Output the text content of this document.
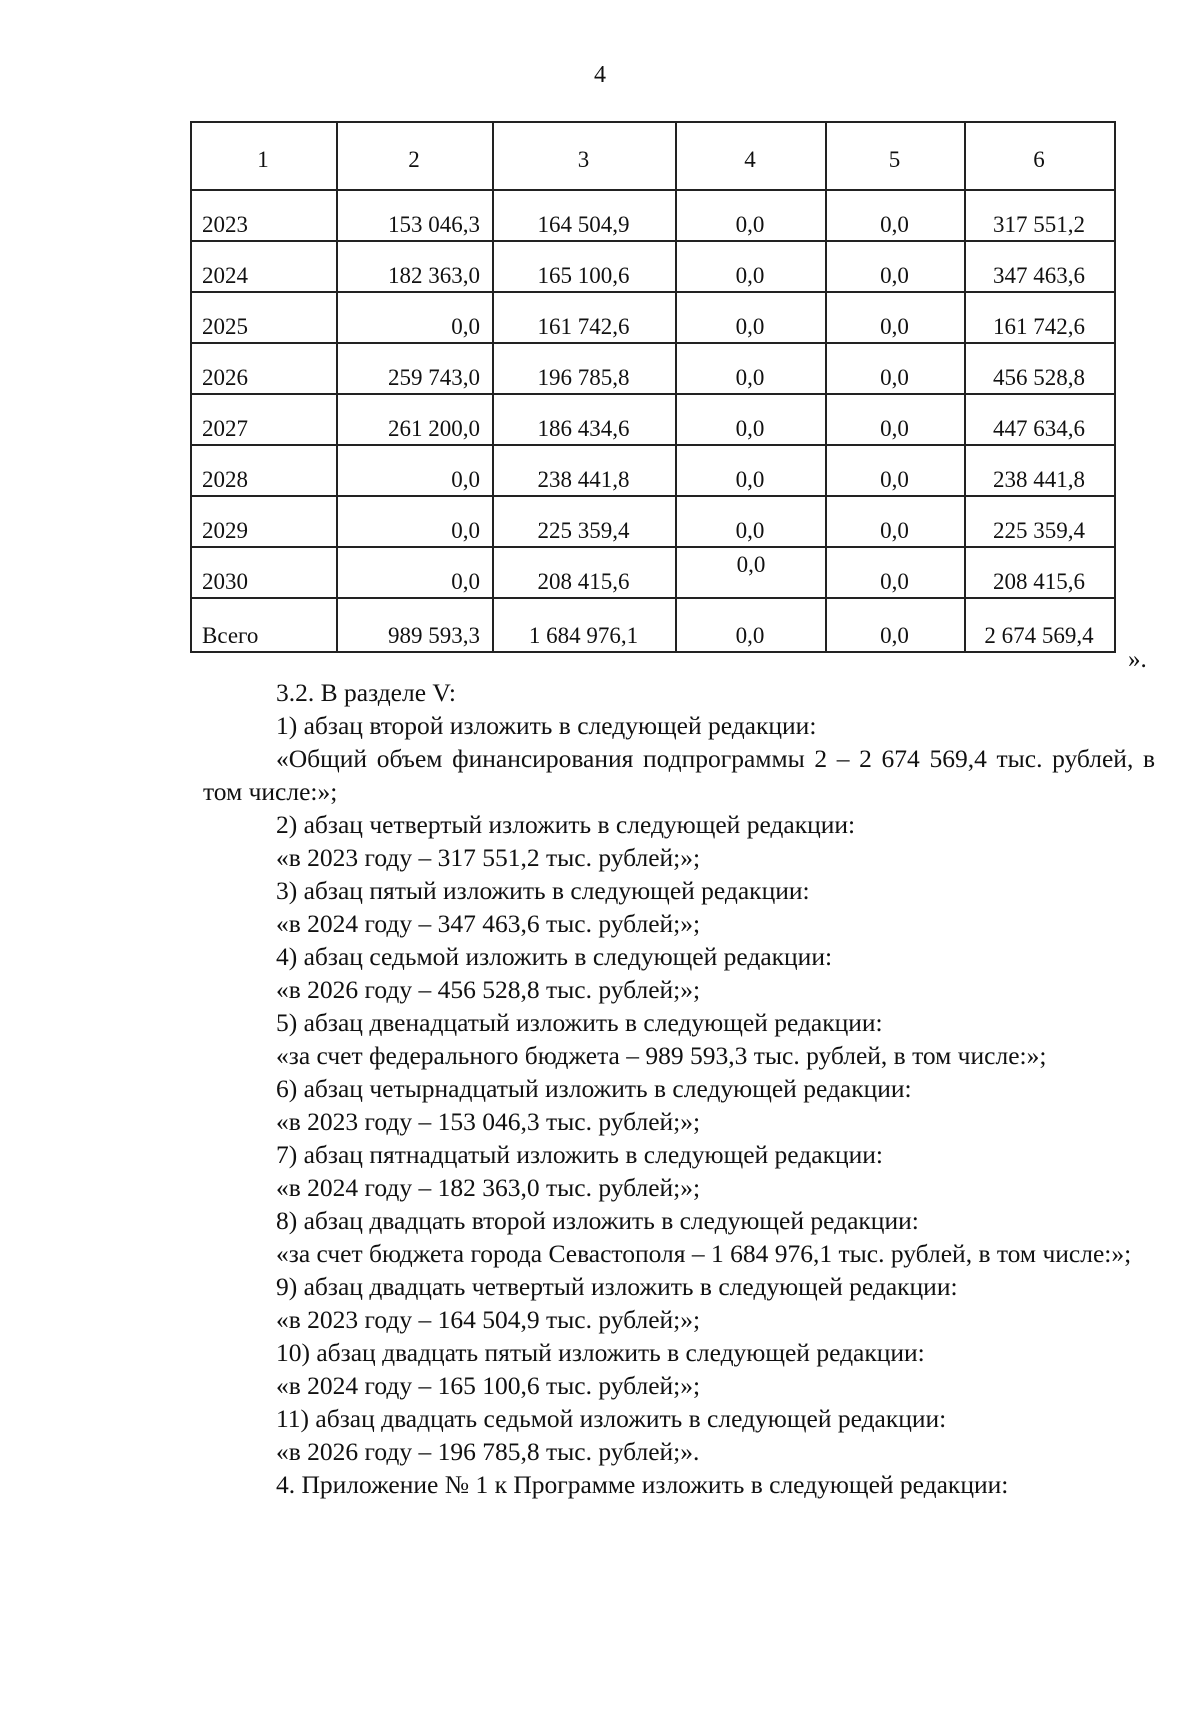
4
1	2	3	4	5	6
2023	153 046,3	164 504,9	0,0	0,0	317 551,2
2024	182 363,0	165 100,6	0,0	0,0	347 463,6
2025	0,0	161 742,6	0,0	0,0	161 742,6
2026	259 743,0	196 785,8	0,0	0,0	456 528,8
2027	261 200,0	186 434,6	0,0	0,0	447 634,6
2028	0,0	238 441,8	0,0	0,0	238 441,8
2029	0,0	225 359,4	0,0	0,0	225 359,4
2030	0,0	208 415,6	0,0	0,0	208 415,6
Всего	989 593,3	1 684 976,1	0,0	0,0	2 674 569,4
».

3.2. В разделе V:

1) абзац второй изложить в следующей редакции:

«Общий объем финансирования подпрограммы 2 – 2 674 569,4 тыс. рублей, в том числе:»;

2) абзац четвертый изложить в следующей редакции:

«в 2023 году – 317 551,2 тыс. рублей;»;

3) абзац пятый изложить в следующей редакции:

«в 2024 году – 347 463,6 тыс. рублей;»;

4) абзац седьмой изложить в следующей редакции:

«в 2026 году – 456 528,8 тыс. рублей;»;

5) абзац двенадцатый изложить в следующей редакции:

«за счет федерального бюджета – 989 593,3 тыс. рублей, в том числе:»;

6) абзац четырнадцатый изложить в следующей редакции:

«в 2023 году – 153 046,3 тыс. рублей;»;

7) абзац пятнадцатый изложить в следующей редакции:

«в 2024 году – 182 363,0 тыс. рублей;»;

8) абзац двадцать второй изложить в следующей редакции:

«за счет бюджета города Севастополя – 1 684 976,1 тыс. рублей, в том числе:»;

9) абзац двадцать четвертый изложить в следующей редакции:

«в 2023 году – 164 504,9 тыс. рублей;»;

10) абзац двадцать пятый изложить в следующей редакции:

«в 2024 году – 165 100,6 тыс. рублей;»;

11) абзац двадцать седьмой изложить в следующей редакции:

«в 2026 году – 196 785,8 тыс. рублей;».

4. Приложение № 1 к Программе изложить в следующей редакции:
